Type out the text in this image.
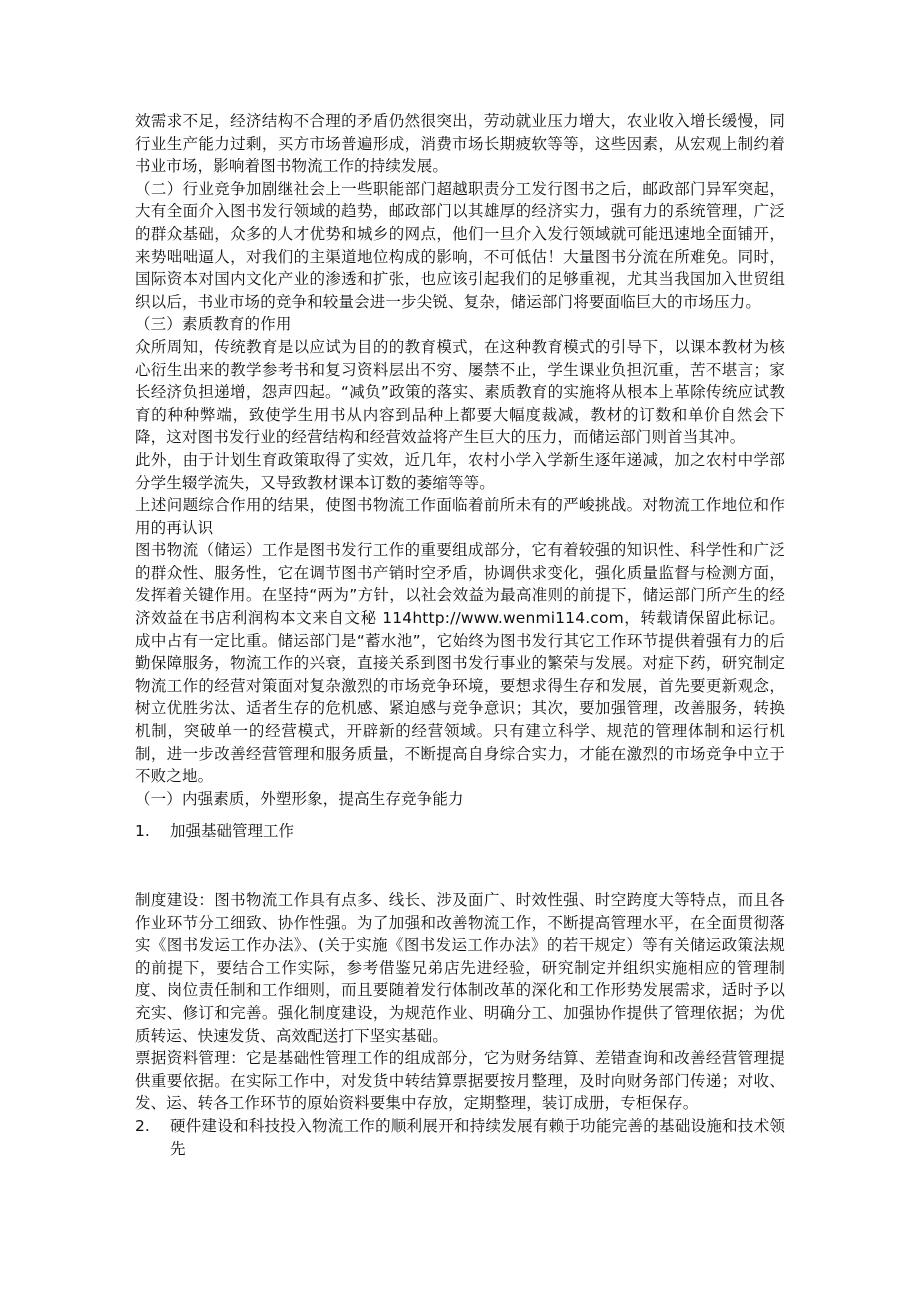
效需求不足，经济结构不合理的矛盾仍然很突出，劳动就业压力增大，农业收入增长缓慢，同行业生产能力过剩，买方市场普遍形成，消费市场长期疲软等等，这些因素，从宏观上制约着书业市场，影响着图书物流工作的持续发展。

（二）行业竞争加剧继社会上一些职能部门超越职责分工发行图书之后，邮政部门异军突起，大有全面介入图书发行领域的趋势，邮政部门以其雄厚的经济实力，强有力的系统管理，广泛的群众基础，众多的人才优势和城乡的网点，他们一旦介入发行领域就可能迅速地全面铺开，来势咄咄逼人，对我们的主渠道地位构成的影响，不可低估！大量图书分流在所难免。同时，国际资本对国内文化产业的渗透和扩张，也应该引起我们的足够重视，尤其当我国加入世贸组织以后，书业市场的竞争和较量会进一步尖锐、复杂，储运部门将要面临巨大的市场压力。

（三）素质教育的作用

众所周知，传统教育是以应试为目的的教育模式，在这种教育模式的引导下，以课本教材为核心衍生出来的教学参考书和复习资料层出不穷、屡禁不止，学生课业负担沉重，苦不堪言；家长经济负担递增，怨声四起。“减负”政策的落实、素质教育的实施将从根本上革除传统应试教育的种种弊端，致使学生用书从内容到品种上都要大幅度裁减，教材的订数和单价自然会下降，这对图书发行业的经营结构和经营效益将产生巨大的压力，而储运部门则首当其冲。

此外，由于计划生育政策取得了实效，近几年，农村小学入学新生逐年递减，加之农村中学部分学生辍学流失，又导致教材课本订数的萎缩等等。

上述问题综合作用的结果，使图书物流工作面临着前所未有的严峻挑战。对物流工作地位和作用的再认识

图书物流（储运）工作是图书发行工作的重要组成部分，它有着较强的知识性、科学性和广泛的群众性、服务性，它在调节图书产销时空矛盾，协调供求变化，强化质量监督与检测方面，发挥着关键作用。在坚持“两为”方针，以社会效益为最高准则的前提下，储运部门所产生的经济效益在书店利润构本文来自文秘 114http://www.wenmi114.com，转载请保留此标记。成中占有一定比重。储运部门是“蓄水池”，它始终为图书发行其它工作环节提供着强有力的后勤保障服务，物流工作的兴衰，直接关系到图书发行事业的繁荣与发展。对症下药，研究制定物流工作的经营对策面对复杂激烈的市场竞争环境，要想求得生存和发展，首先要更新观念，树立优胜劣汰、适者生存的危机感、紧迫感与竞争意识；其次，要加强管理，改善服务，转换机制，突破单一的经营模式，开辟新的经营领域。只有建立科学、规范的管理体制和运行机制，进一步改善经营管理和服务质量，不断提高自身综合实力，才能在激烈的市场竞争中立于不败之地。

（一）内强素质，外塑形象，提高生存竞争能力

1.	加强基础管理工作

制度建设：图书物流工作具有点多、线长、涉及面广、时效性强、时空跨度大等特点，而且各作业环节分工细致、协作性强。为了加强和改善物流工作，不断提高管理水平，在全面贯彻落实《图书发运工作办法》、(关于实施《图书发运工作办法》的若干规定）等有关储运政策法规的前提下，要结合工作实际，参考借鉴兄弟店先进经验，研究制定并组织实施相应的管理制度、岗位责任制和工作细则，而且要随着发行体制改革的深化和工作形势发展需求，适时予以充实、修订和完善。强化制度建设，为规范作业、明确分工、加强协作提供了管理依据；为优质转运、快速发货、高效配送打下坚实基础。

票据资料管理：它是基础性管理工作的组成部分，它为财务结算、差错查询和改善经营管理提供重要依据。在实际工作中，对发货中转结算票据要按月整理，及时向财务部门传递；对收、发、运、转各工作环节的原始资料要集中存放，定期整理，装订成册，专柜保存。

2.	硬件建设和科技投入物流工作的顺利展开和持续发展有赖于功能完善的基础设施和技术领先
